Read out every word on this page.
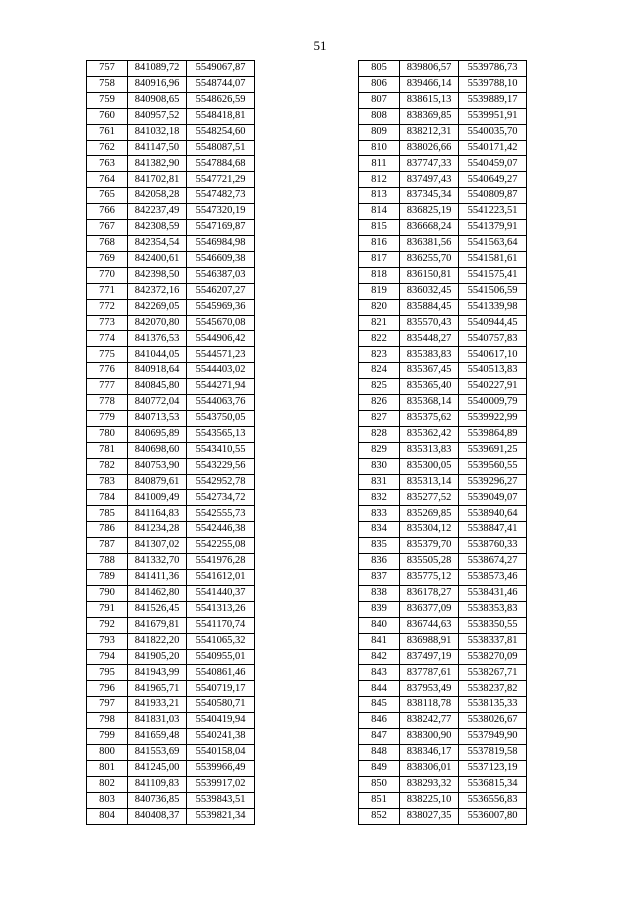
51
757	841089,72	5549067,87
758	840916,96	5548744,07
759	840908,65	5548626,59
760	840957,52	5548418,81
761	841032,18	5548254,60
762	841147,50	5548087,51
763	841382,90	5547884,68
764	841702,81	5547721,29
765	842058,28	5547482,73
766	842237,49	5547320,19
767	842308,59	5547169,87
768	842354,54	5546984,98
769	842400,61	5546609,38
770	842398,50	5546387,03
771	842372,16	5546207,27
772	842269,05	5545969,36
773	842070,80	5545670,08
774	841376,53	5544906,42
775	841044,05	5544571,23
776	840918,64	5544403,02
777	840845,80	5544271,94
778	840772,04	5544063,76
779	840713,53	5543750,05
780	840695,89	5543565,13
781	840698,60	5543410,55
782	840753,90	5543229,56
783	840879,61	5542952,78
784	841009,49	5542734,72
785	841164,83	5542555,73
786	841234,28	5542446,38
787	841307,02	5542255,08
788	841332,70	5541976,28
789	841411,36	5541612,01
790	841462,80	5541440,37
791	841526,45	5541313,26
792	841679,81	5541170,74
793	841822,20	5541065,32
794	841905,20	5540955,01
795	841943,99	5540861,46
796	841965,71	5540719,17
797	841933,21	5540580,71
798	841831,03	5540419,94
799	841659,48	5540241,38
800	841553,69	5540158,04
801	841245,00	5539966,49
802	841109,83	5539917,02
803	840736,85	5539843,51
804	840408,37	5539821,34
805	839806,57	5539786,73
806	839466,14	5539788,10
807	838615,13	5539889,17
808	838369,85	5539951,91
809	838212,31	5540035,70
810	838026,66	5540171,42
811	837747,33	5540459,07
812	837497,43	5540649,27
813	837345,34	5540809,87
814	836825,19	5541223,51
815	836668,24	5541379,91
816	836381,56	5541563,64
817	836255,70	5541581,61
818	836150,81	5541575,41
819	836032,45	5541506,59
820	835884,45	5541339,98
821	835570,43	5540944,45
822	835448,27	5540757,83
823	835383,83	5540617,10
824	835367,45	5540513,83
825	835365,40	5540227,91
826	835368,14	5540009,79
827	835375,62	5539922,99
828	835362,42	5539864,89
829	835313,83	5539691,25
830	835300,05	5539560,55
831	835313,14	5539296,27
832	835277,52	5539049,07
833	835269,85	5538940,64
834	835304,12	5538847,41
835	835379,70	5538760,33
836	835505,28	5538674,27
837	835775,12	5538573,46
838	836178,27	5538431,46
839	836377,09	5538353,83
840	836744,63	5538350,55
841	836988,91	5538337,81
842	837497,19	5538270,09
843	837787,61	5538267,71
844	837953,49	5538237,82
845	838118,78	5538135,33
846	838242,77	5538026,67
847	838300,90	5537949,90
848	838346,17	5537819,58
849	838306,01	5537123,19
850	838293,32	5536815,34
851	838225,10	5536556,83
852	838027,35	5536007,80
